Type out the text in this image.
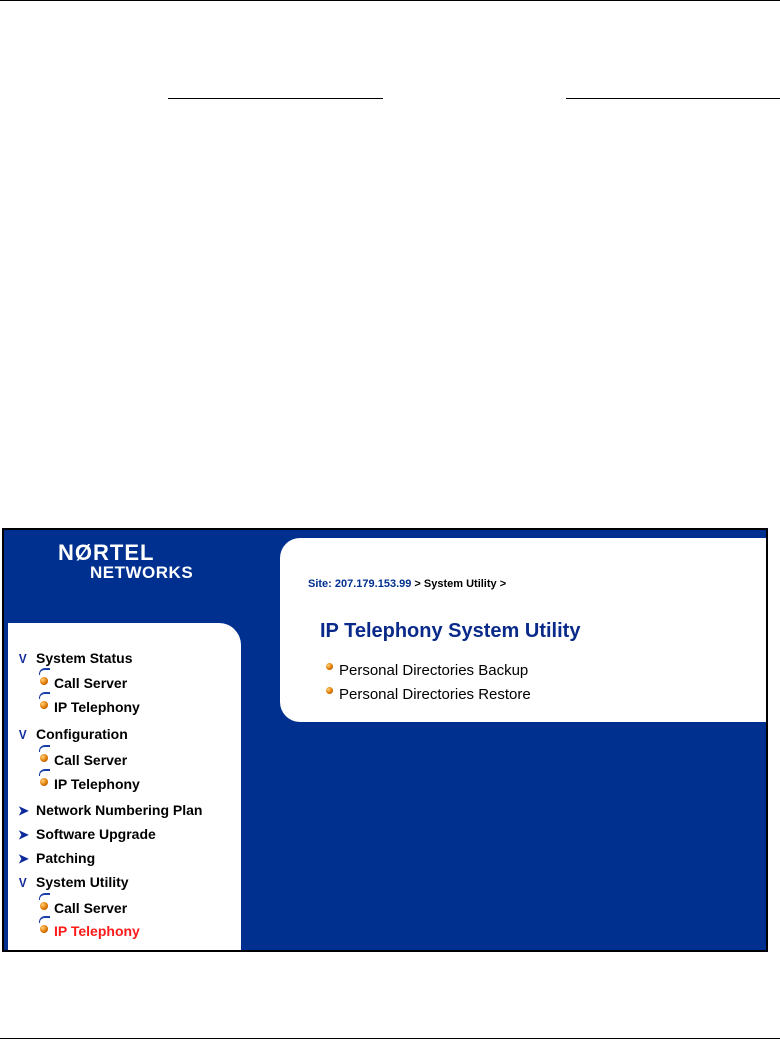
NØRTEL
NETWORKS
V System Status
Call Server
IP Telephony
V Configuration
Call Server
IP Telephony
➤ Network Numbering Plan
➤ Software Upgrade
➤ Patching
V System Utility
Call Server
IP Telephony
Site: 207.179.153.99 > System Utility >
IP Telephony System Utility
Personal Directories Backup
Personal Directories Restore
